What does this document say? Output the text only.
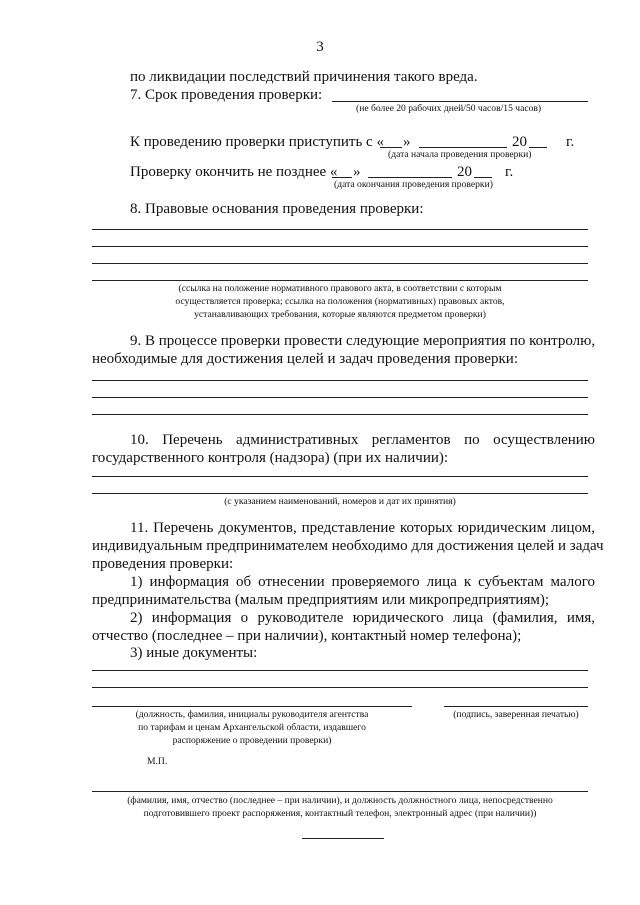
3
по ликвидации последствий причинения такого вреда.
7. Срок проведения проверки:
(не более 20 рабочих дней/50 часов/15 часов)
К проведению проверки приступить с « »	20	г.
(дата начала проведения проверки)
Проверку окончить не позднее « »	20 г.
(дата окончания проведения проверки)
8. Правовые основания проведения проверки:
(ссылка на положение нормативного правового акта, в соответствии с которым
осуществляется проверка; ссылка на положения (нормативных) правовых актов,
устанавливающих требования, которые являются предметом проверки)
9. В процессе проверки провести следующие мероприятия по контролю,
необходимые для достижения целей и задач проведения проверки:
10. Перечень административных регламентов по осуществлению
государственного контроля (надзора) (при их наличии):
(с указанием наименований, номеров и дат их принятия)
11. Перечень документов, представление которых юридическим лицом,
индивидуальным предпринимателем необходимо для достижения целей и задач
проведения проверки:
1) информация об отнесении проверяемого лица к субъектам малого
предпринимательства (малым предприятиям или микропредприятиям);
2) информация о руководителе юридического лица (фамилия, имя,
отчество (последнее – при наличии), контактный номер телефона);
3) иные документы:
(должность, фамилия, инициалы руководителя агентства
по тарифам и ценам Архангельской области, издавшего
распоряжение о проведении проверки)
(подпись, заверенная печатью)
М.П.
(фамилия, имя, отчество (последнее – при наличии), и должность должностного лица, непосредственно
подготовившего проект распоряжения, контактный телефон, электронный адрес (при наличии))
